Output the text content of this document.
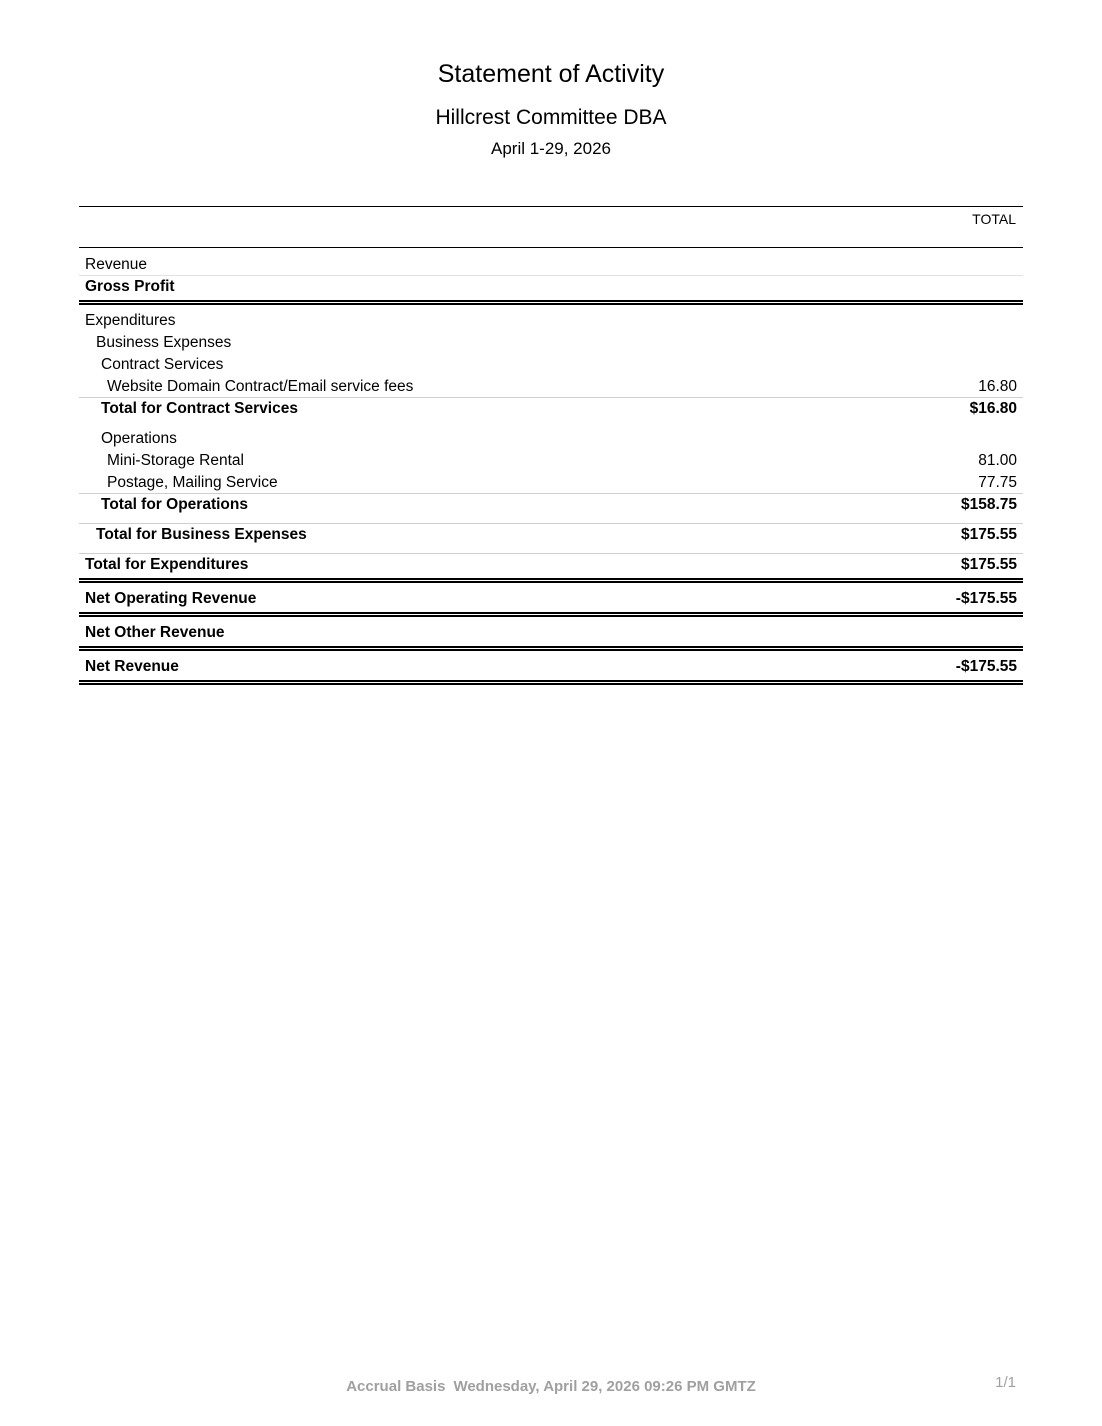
Statement of Activity
Hillcrest Committee DBA
April 1-29, 2026
TOTAL
Revenue
Gross Profit
Expenditures
Business Expenses
Contract Services
Website Domain Contract/Email service fees	16.80
Total for Contract Services	$16.80
Operations
Mini-Storage Rental	81.00
Postage, Mailing Service	77.75
Total for Operations	$158.75
Total for Business Expenses	$175.55
Total for Expenditures	$175.55
Net Operating Revenue	-$175.55
Net Other Revenue
Net Revenue	-$175.55
Accrual Basis Wednesday, April 29, 2026 09:26 PM GMTZ	1/1
